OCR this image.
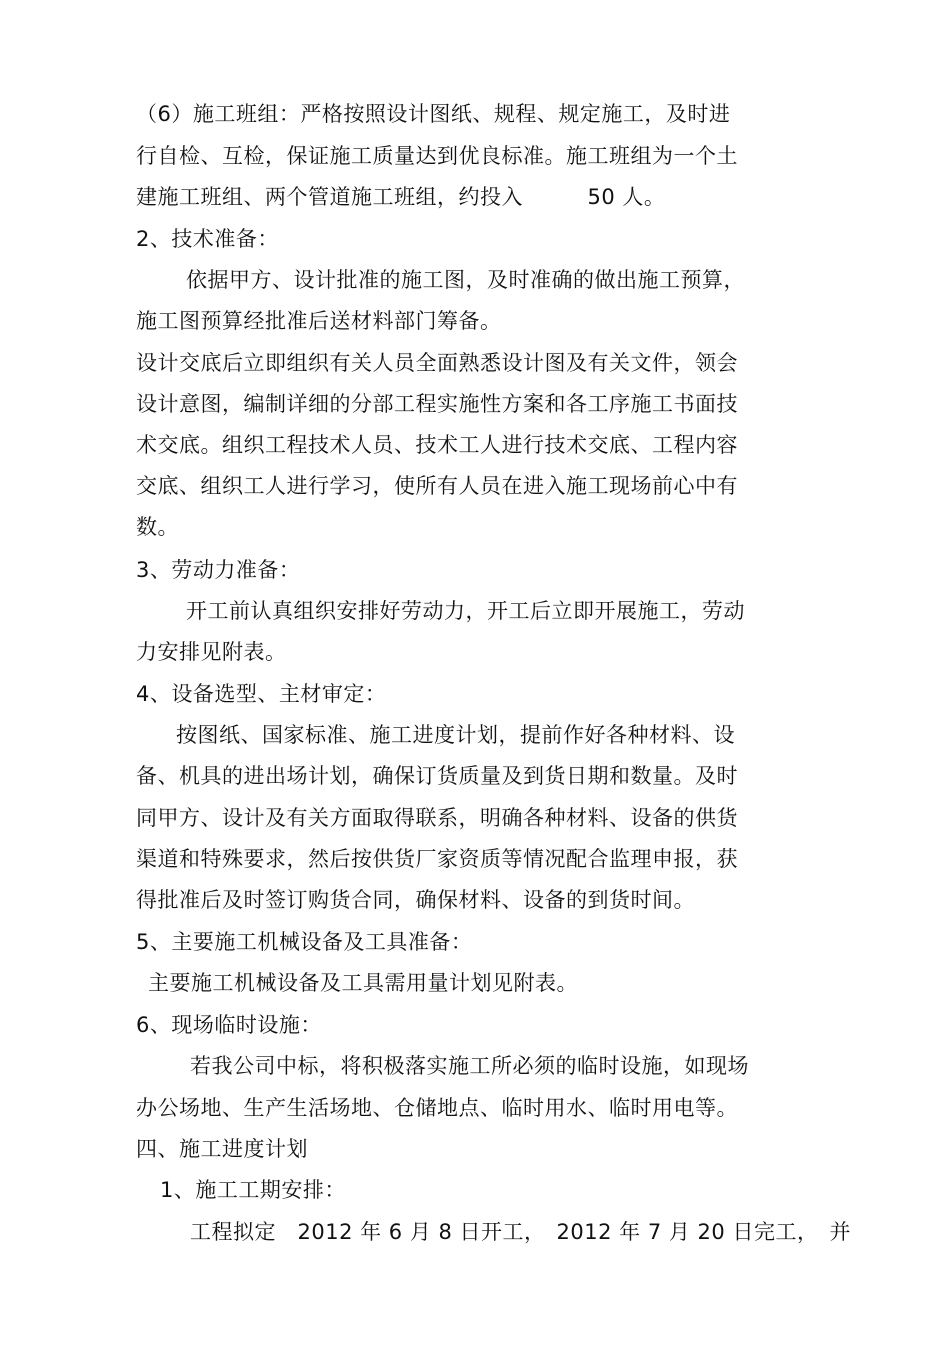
（6）施工班组：严格按照设计图纸、规程、规定施工，及时进
行自检、互检，保证施工质量达到优良标准。施工班组为一个土
建施工班组、两个管道施工班组，约投入　　　50 人。
2、技术准备：
依据甲方、设计批准的施工图，及时准确的做出施工预算，
施工图预算经批准后送材料部门筹备。
设计交底后立即组织有关人员全面熟悉设计图及有关文件，领会
设计意图，编制详细的分部工程实施性方案和各工序施工书面技
术交底。组织工程技术人员、技术工人进行技术交底、工程内容
交底、组织工人进行学习，使所有人员在进入施工现场前心中有
数。
3、劳动力准备：
开工前认真组织安排好劳动力，开工后立即开展施工，劳动
力安排见附表。
4、设备选型、主材审定：
按图纸、国家标准、施工进度计划，提前作好各种材料、设
备、机具的进出场计划，确保订货质量及到货日期和数量。及时
同甲方、设计及有关方面取得联系，明确各种材料、设备的供货
渠道和特殊要求，然后按供货厂家资质等情况配合监理申报，获
得批准后及时签订购货合同，确保材料、设备的到货时间。
5、主要施工机械设备及工具准备：
主要施工机械设备及工具需用量计划见附表。
6、现场临时设施：
若我公司中标，将积极落实施工所必须的临时设施，如现场
办公场地、生产生活场地、仓储地点、临时用水、临时用电等。
四、施工进度计划
1、施工工期安排：
工程拟定　2012 年 6 月 8 日开工，　2012 年 7 月 20 日完工，　并
